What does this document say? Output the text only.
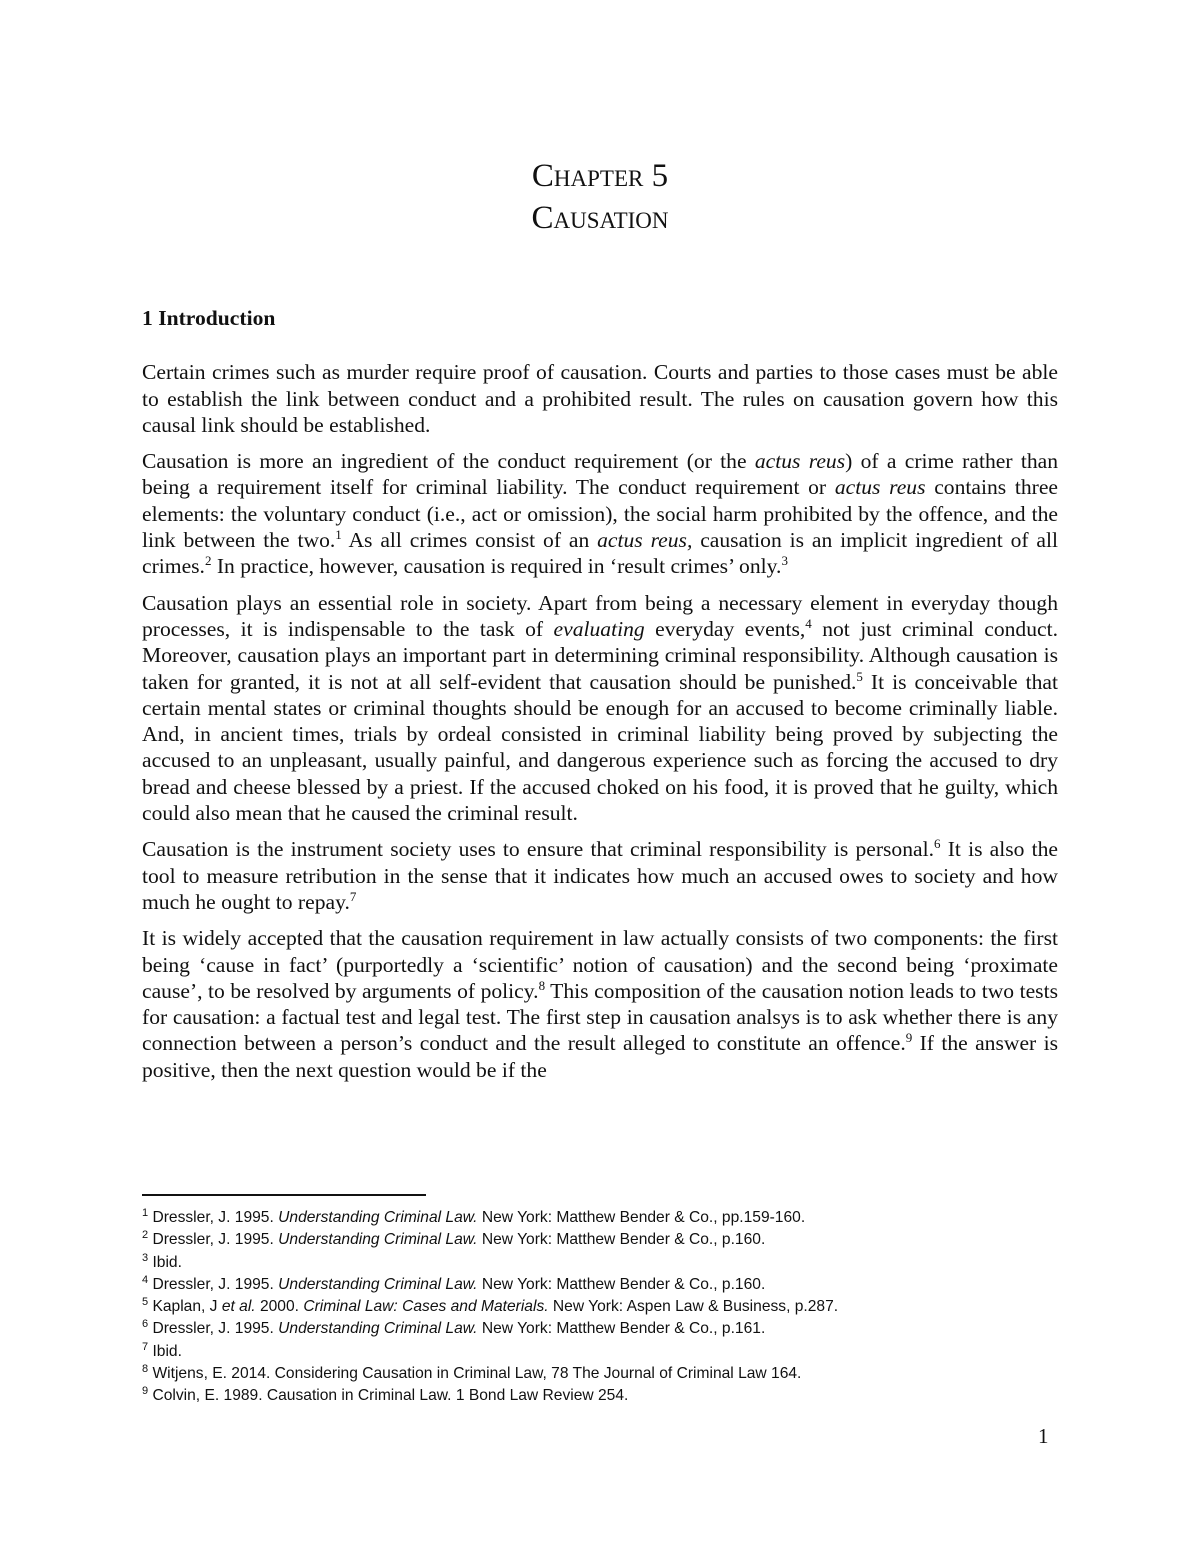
Chapter 5
Causation

1 Introduction

Certain crimes such as murder require proof of causation. Courts and parties to those cases must be able to establish the link between conduct and a prohibited result. The rules on causation govern how this causal link should be established.

Causation is more an ingredient of the conduct requirement (or the actus reus) of a crime rather than being a requirement itself for criminal liability. The conduct requirement or actus reus contains three elements: the voluntary conduct (i.e., act or omission), the social harm prohibited by the offence, and the link between the two.$^1$ As all crimes consist of an actus reus, causation is an implicit ingredient of all crimes.$^2$ In practice, however, causation is required in ‘result crimes’ only.$^3$

Causation plays an essential role in society. Apart from being a necessary element in everyday though processes, it is indispensable to the task of evaluating everyday events,$^4$ not just criminal conduct. Moreover, causation plays an important part in determining criminal responsibility. Although causation is taken for granted, it is not at all self-evident that causation should be punished.$^5$ It is conceivable that certain mental states or criminal thoughts should be enough for an accused to become criminally liable. And, in ancient times, trials by ordeal consisted in criminal liability being proved by subjecting the accused to an unpleasant, usually painful, and dangerous experience such as forcing the accused to dry bread and cheese blessed by a priest. If the accused choked on his food, it is proved that he guilty, which could also mean that he caused the criminal result.

Causation is the instrument society uses to ensure that criminal responsibility is personal.$^6$ It is also the tool to measure retribution in the sense that it indicates how much an accused owes to society and how much he ought to repay.$^7$

It is widely accepted that the causation requirement in law actually consists of two components: the first being ‘cause in fact’ (purportedly a ‘scientific’ notion of causation) and the second being ‘proximate cause’, to be resolved by arguments of policy.$^8$ This composition of the causation notion leads to two tests for causation: a factual test and legal test. The first step in causation analsys is to ask whether there is any connection between a person’s conduct and the result alleged to constitute an offence.$^9$ If the answer is positive, then the next question would be if the

$^1$ Dressler, J. 1995. Understanding Criminal Law. New York: Matthew Bender & Co., pp.159-160.

$^2$ Dressler, J. 1995. Understanding Criminal Law. New York: Matthew Bender & Co., p.160.

$^3$ Ibid.

$^4$ Dressler, J. 1995. Understanding Criminal Law. New York: Matthew Bender & Co., p.160.

$^5$ Kaplan, J et al. 2000. Criminal Law: Cases and Materials. New York: Aspen Law & Business, p.287.

$^6$ Dressler, J. 1995. Understanding Criminal Law. New York: Matthew Bender & Co., p.161.

$^7$ Ibid.

$^8$ Witjens, E. 2014. Considering Causation in Criminal Law, 78 The Journal of Criminal Law 164.

$^9$ Colvin, E. 1989. Causation in Criminal Law. 1 Bond Law Review 254.

1
